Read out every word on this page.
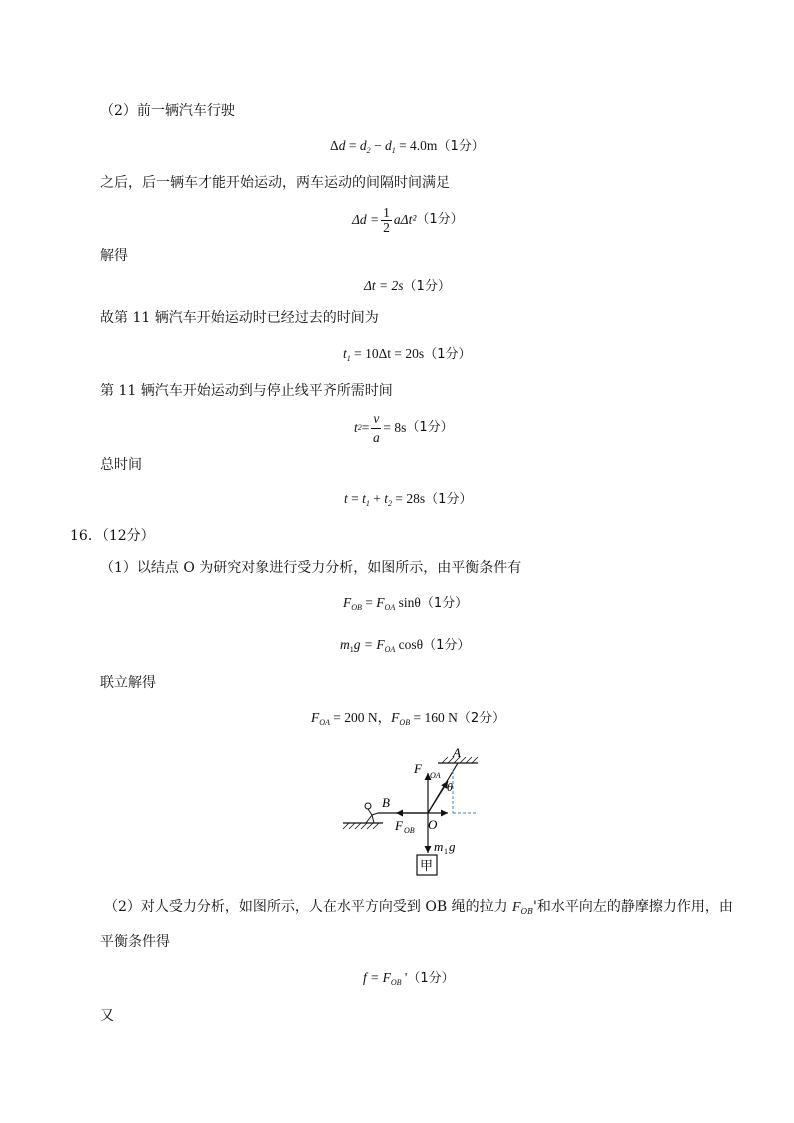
（2）前一辆汽车行驶
$\Delta d = d_2 - d_1 = 4.0m(1$分）
之后，后一辆车才能开始运动，两车运动的间隔时间满足
$\Delta d = \frac{1}{2} a\Delta t^2$ （1分）
解得
Δt = 2s（1分）
故第 11 辆汽车开始运动时已经过去的时间为
$t_1 = 10\Delta t = 20s(1$分）
第 11 辆汽车开始运动到与停止线平齐所需时间
t $2 = \frac{v}{a} = 8s$ （1分）
总时间
$t = t_1 + t_2 = 28s(1$分）
16．（12分）
（1）以结点 O 为研究对象进行受力分析，如图所示，由平衡条件有
$F_{OB} = F_{OA}$ sinθ（1分）
$m_1g = F_{OA}$ cosθ（1分）
联立解得
$F_{OA} = 200$ N，$F_{OB} = 160$ N（2分）
A
F OA
θ
B
O
F OB
m 1 g
甲
（2）对人受力分析，如图所示，人在水平方向受到 OB 绳的拉力 $F_{OB}'$和水平向左的静摩擦力作用，由
平衡条件得
$f = F_{OB}$ '（1分）
又
